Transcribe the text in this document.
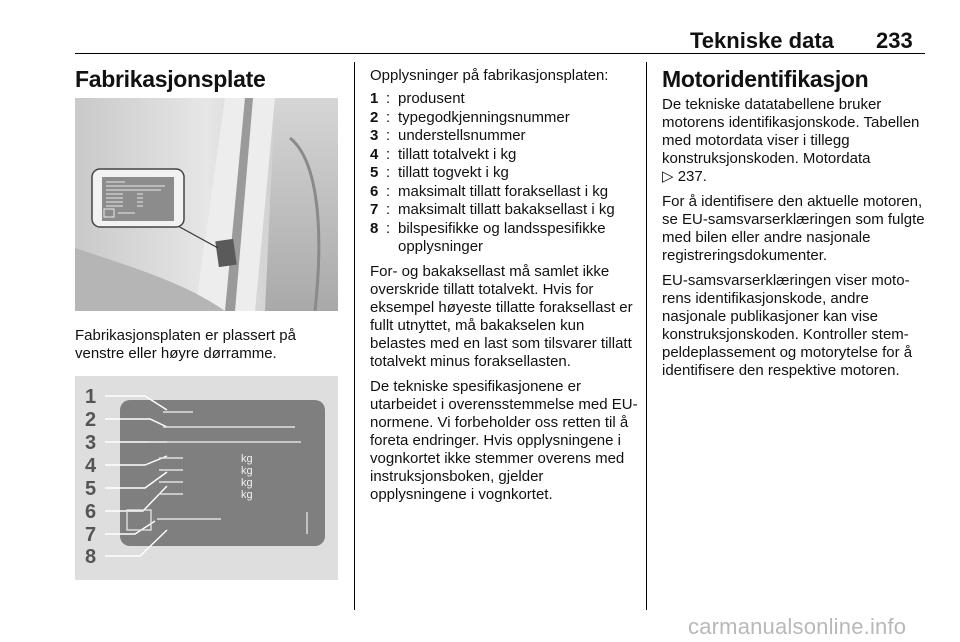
Tekniske data 233
Fabrikasjonsplate
Fabrikasjonsplaten er plassert på
venstre eller høyre dørramme.
kg
kg
kg
kg
1
2
3
4
5
6
7
8
Opplysninger på fabrikasjonsplaten:
1 : produsent
2 : typegodkjenningsnummer
3 : understellsnummer
4 : tillatt totalvekt i kg
5 : tillatt togvekt i kg
6 : maksimalt tillatt foraksellast i kg
7 : maksimalt tillatt bakaksellast i kg
8 : bilspesifikke og landsspesifikke opplysninger

For- og bakaksellast må samlet ikke overskride tillatt totalvekt. Hvis for eksempel høyeste tillatte foraksellast er fullt utnyttet, må bakakselen kun belastes med en last som tilsvarer tillatt totalvekt minus foraksellasten.

De tekniske spesifikasjonene er utarbeidet i overensstemmelse med EU-normene. Vi forbeholder oss retten til å foreta endringer. Hvis opplysningene i vognkortet ikke stemmer overens med instruksjonsboken, gjelder opplysningene i vognkortet.

Motoridentifikasjon

De tekniske datatabellene bruker motorens identifikasjonskode. Tabellen med motordata viser i tillegg konstruksjonskoden. Motordata
▷ 237.

For å identifisere den aktuelle motoren, se EU-samsvarserklæringen som fulgte med bilen eller andre nasjonale registreringsdokumenter.

EU-samsvarserklæringen viser motorens identifikasjonskode, andre nasjonale publikasjoner kan vise konstruksjonskoden. Kontroller stempeldeplassement og motorytelse for å identifisere den respektive motoren.

carmanualsonline.info
